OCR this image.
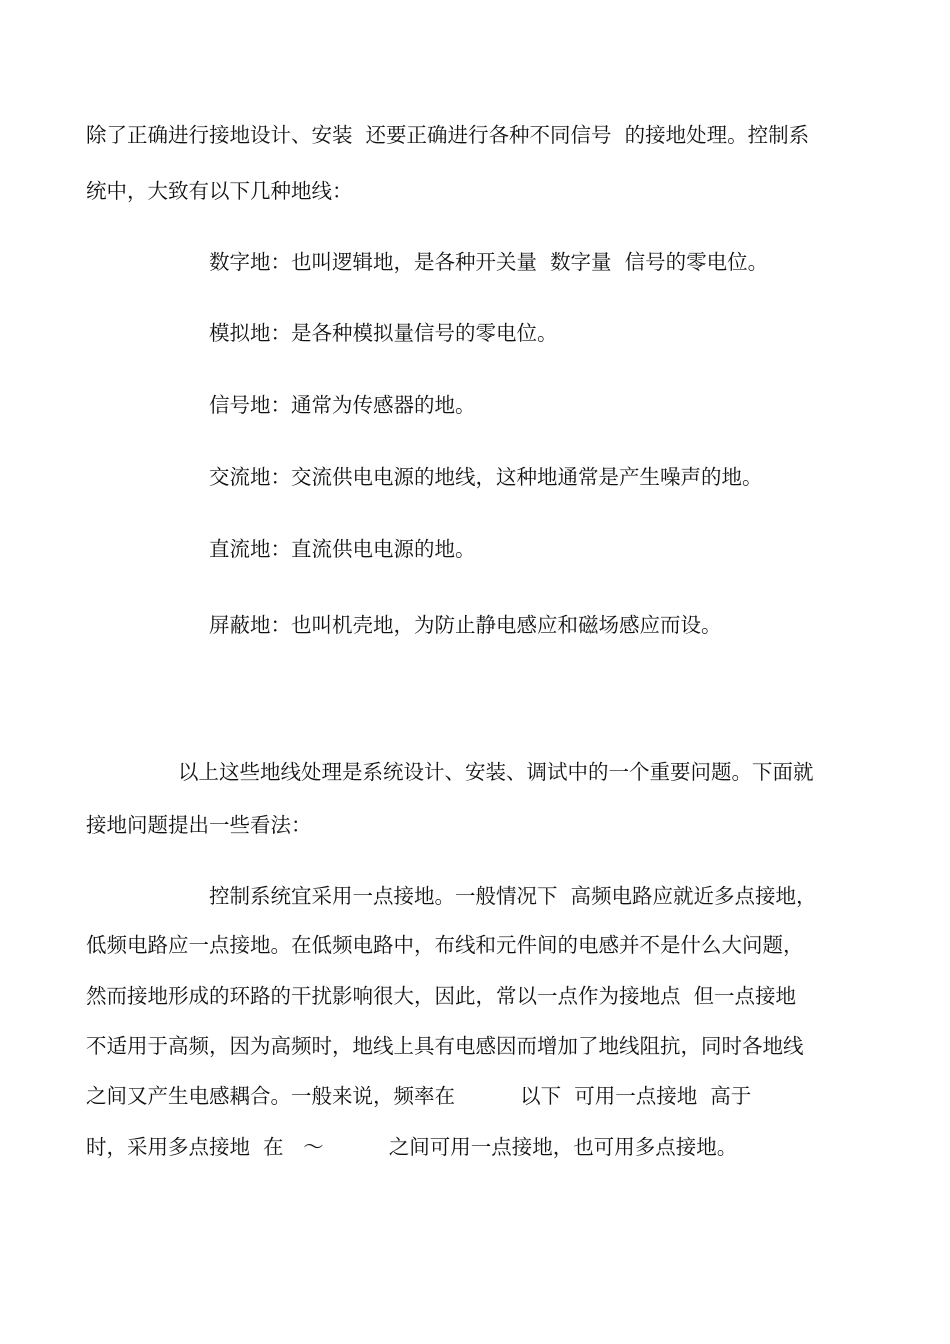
除了正确进行接地设计、安装  还要正确进行各种不同信号  的接地处理。控制系
统中，大致有以下几种地线：
数字地：也叫逻辑地，是各种开关量  数字量  信号的零电位。
模拟地：是各种模拟量信号的零电位。
信号地：通常为传感器的地。
交流地：交流供电电源的地线，这种地通常是产生噪声的地。
直流地：直流供电电源的地。
屏蔽地：也叫机壳地，为防止静电感应和磁场感应而设。
以上这些地线处理是系统设计、安装、调试中的一个重要问题。下面就
接地问题提出一些看法：
控制系统宜采用一点接地。一般情况下  高频电路应就近多点接地，
低频电路应一点接地。在低频电路中，布线和元件间的电感并不是什么大问题，
然而接地形成的环路的干扰影响很大，因此，常以一点作为接地点  但一点接地
不适用于高频，因为高频时，地线上具有电感因而增加了地线阻抗，同时各地线
之间又产生电感耦合。一般来说，频率在          以下  可用一点接地  高于
时，采用多点接地  在   ～          之间可用一点接地，也可用多点接地。
